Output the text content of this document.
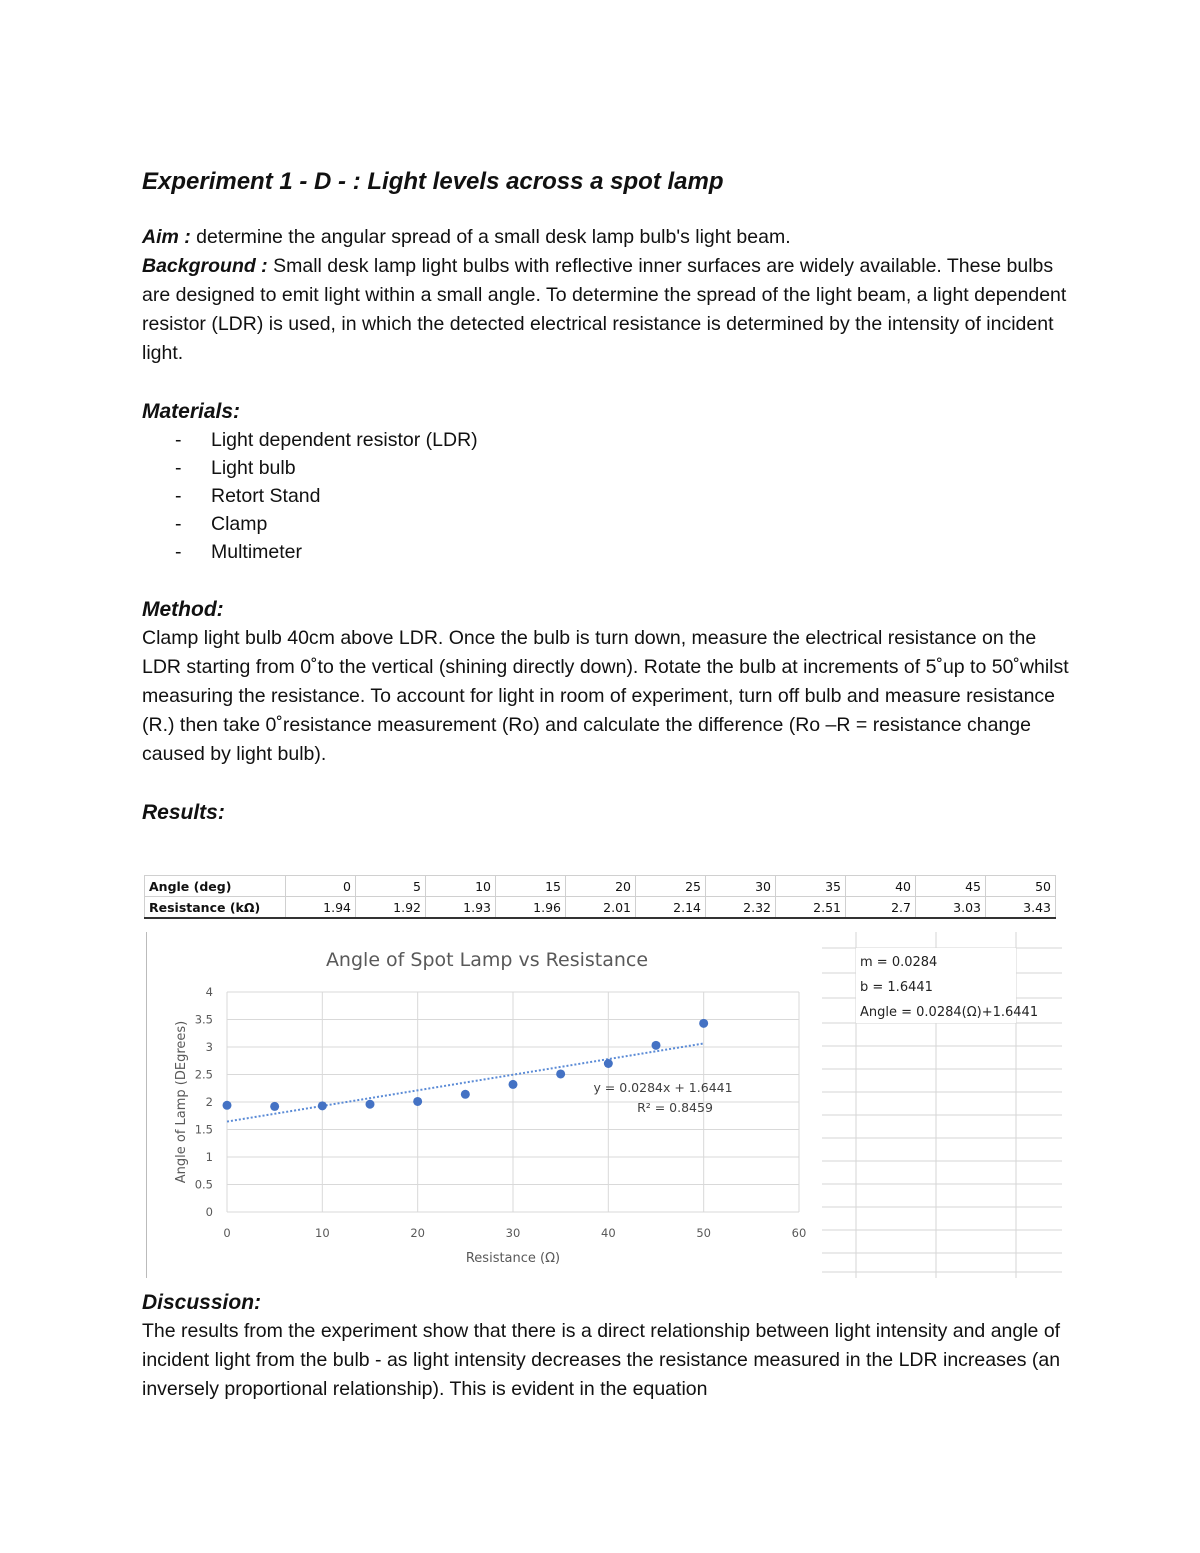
Experiment 1 - D - : Light levels across a spot lamp

Aim : determine the angular spread of a small desk lamp bulb's light beam.

Background : Small desk lamp light bulbs with reflective inner surfaces are widely available. These bulbs are designed to emit light within a small angle. To determine the spread of the light beam, a light dependent resistor (LDR) is used, in which the detected electrical resistance is determined by the intensity of incident light.

Materials:

- Light dependent resistor (LDR)
- Light bulb
- Retort Stand
- Clamp
- Multimeter

Method:

Clamp light bulb 40cm above LDR. Once the bulb is turn down, measure the electrical resistance on the LDR starting from 0˚to the vertical (shining directly down). Rotate the bulb at increments of 5˚up to 50˚whilst measuring the resistance. To account for light in room of experiment, turn off bulb and measure resistance (R.) then take 0˚resistance measurement (Ro) and calculate the difference (Ro –R = resistance change caused by light bulb).

Results:

Angle (deg)	0	5	10	15	20	25	30	35	40	45	50
Resistance (kΩ)	1.94	1.92	1.93	1.96	2.01	2.14	2.32	2.51	2.7	3.03	3.43
Angle of Spot Lamp vs Resistance
0
0.5
1
1.5
2
2.5
3
3.5
4
0	10	20	30	40	50	60
y = 0.0284x + 1.6441
R² = 0.8459
Resistance (Ω)
Angle of Lamp (DEgrees)
m = 0.0284
b = 1.6441
Angle = 0.0284(Ω)+1.6441

Discussion:

The results from the experiment show that there is a direct relationship between light intensity and angle of incident light from the bulb - as light intensity decreases the resistance measured in the LDR increases (an inversely proportional relationship). This is evident in the equation
